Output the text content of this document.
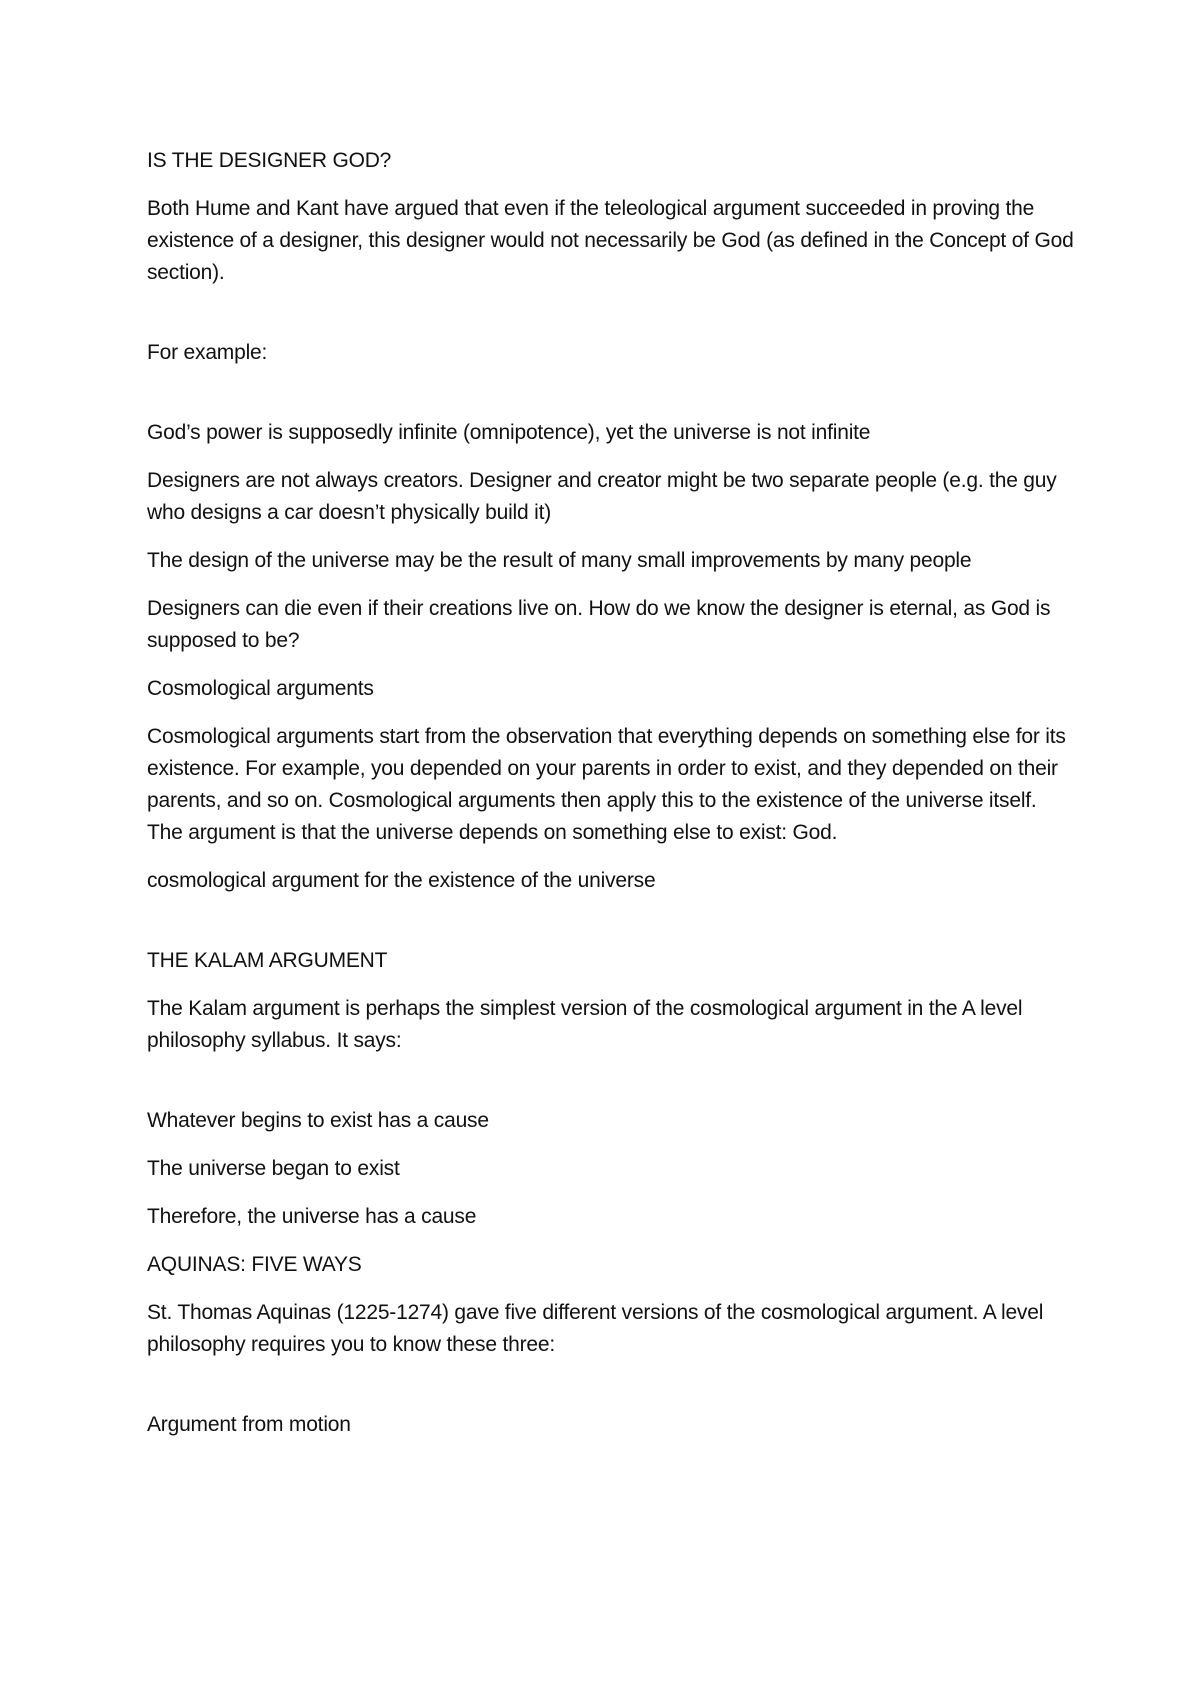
IS THE DESIGNER GOD?

Both Hume and Kant have argued that even if the teleological argument succeeded in proving the existence of a designer, this designer would not necessarily be God (as defined in the Concept of God section).

For example:

God’s power is supposedly infinite (omnipotence), yet the universe is not infinite

Designers are not always creators. Designer and creator might be two separate people (e.g. the guy who designs a car doesn’t physically build it)

The design of the universe may be the result of many small improvements by many people

Designers can die even if their creations live on. How do we know the designer is eternal, as God is supposed to be?

Cosmological arguments

Cosmological arguments start from the observation that everything depends on something else for its existence. For example, you depended on your parents in order to exist, and they depended on their parents, and so on. Cosmological arguments then apply this to the existence of the universe itself. The argument is that the universe depends on something else to exist: God.

cosmological argument for the existence of the universe

THE KALAM ARGUMENT

The Kalam argument is perhaps the simplest version of the cosmological argument in the A level philosophy syllabus. It says:

Whatever begins to exist has a cause

The universe began to exist

Therefore, the universe has a cause

AQUINAS: FIVE WAYS

St. Thomas Aquinas (1225-1274) gave five different versions of the cosmological argument. A level philosophy requires you to know these three:

Argument from motion
